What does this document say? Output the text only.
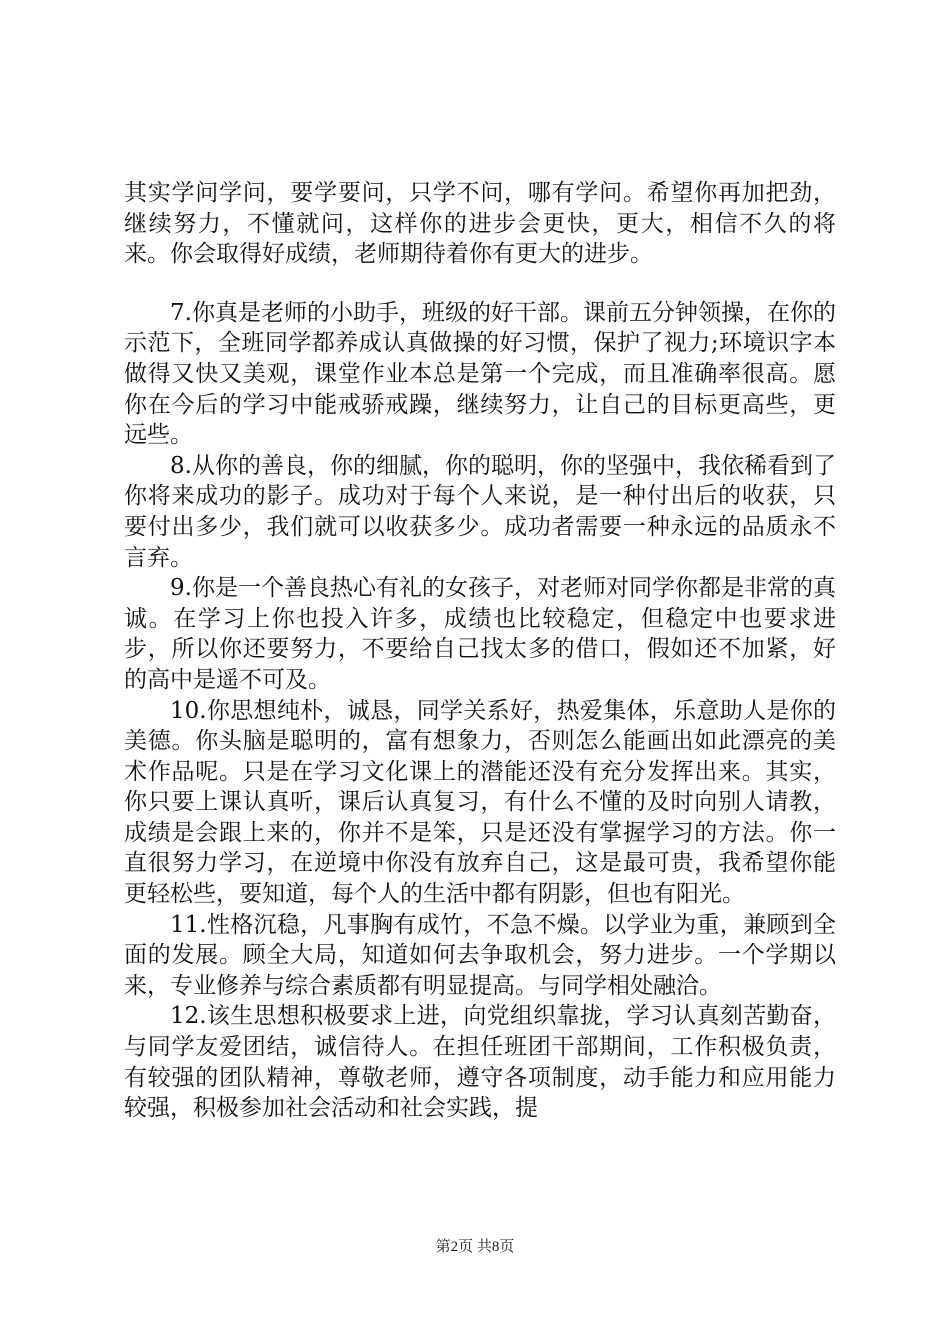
其实学问学问，要学要问，只学不问，哪有学问。希望你再加把劲，继续努力，不懂就问，这样你的进步会更快，更大，相信不久的将来。你会取得好成绩，老师期待着你有更大的进步。

7.你真是老师的小助手，班级的好干部。课前五分钟领操，在你的示范下，全班同学都养成认真做操的好习惯，保护了视力;环境识字本做得又快又美观，课堂作业本总是第一个完成，而且准确率很高。愿你在今后的学习中能戒骄戒躁，继续努力，让自己的目标更高些，更远些。

8.从你的善良，你的细腻，你的聪明，你的坚强中，我依稀看到了你将来成功的影子。成功对于每个人来说，是一种付出后的收获，只要付出多少，我们就可以收获多少。成功者需要一种永远的品质永不言弃。

9.你是一个善良热心有礼的女孩子，对老师对同学你都是非常的真诚。在学习上你也投入许多，成绩也比较稳定，但稳定中也要求进步，所以你还要努力，不要给自己找太多的借口，假如还不加紧，好的高中是遥不可及。

10.你思想纯朴，诚恳，同学关系好，热爱集体，乐意助人是你的美德。你头脑是聪明的，富有想象力，否则怎么能画出如此漂亮的美术作品呢。只是在学习文化课上的潜能还没有充分发挥出来。其实，你只要上课认真听，课后认真复习，有什么不懂的及时向别人请教，成绩是会跟上来的，你并不是笨，只是还没有掌握学习的方法。你一直很努力学习，在逆境中你没有放弃自己，这是最可贵，我希望你能更轻松些，要知道，每个人的生活中都有阴影，但也有阳光。

11.性格沉稳，凡事胸有成竹，不急不燥。以学业为重，兼顾到全面的发展。顾全大局，知道如何去争取机会，努力进步。一个学期以来，专业修养与综合素质都有明显提高。与同学相处融洽。

12.该生思想积极要求上进，向党组织靠拢，学习认真刻苦勤奋，与同学友爱团结，诚信待人。在担任班团干部期间，工作积极负责，有较强的团队精神，尊敬老师，遵守各项制度，动手能力和应用能力较强，积极参加社会活动和社会实践，提

第2页 共8页
